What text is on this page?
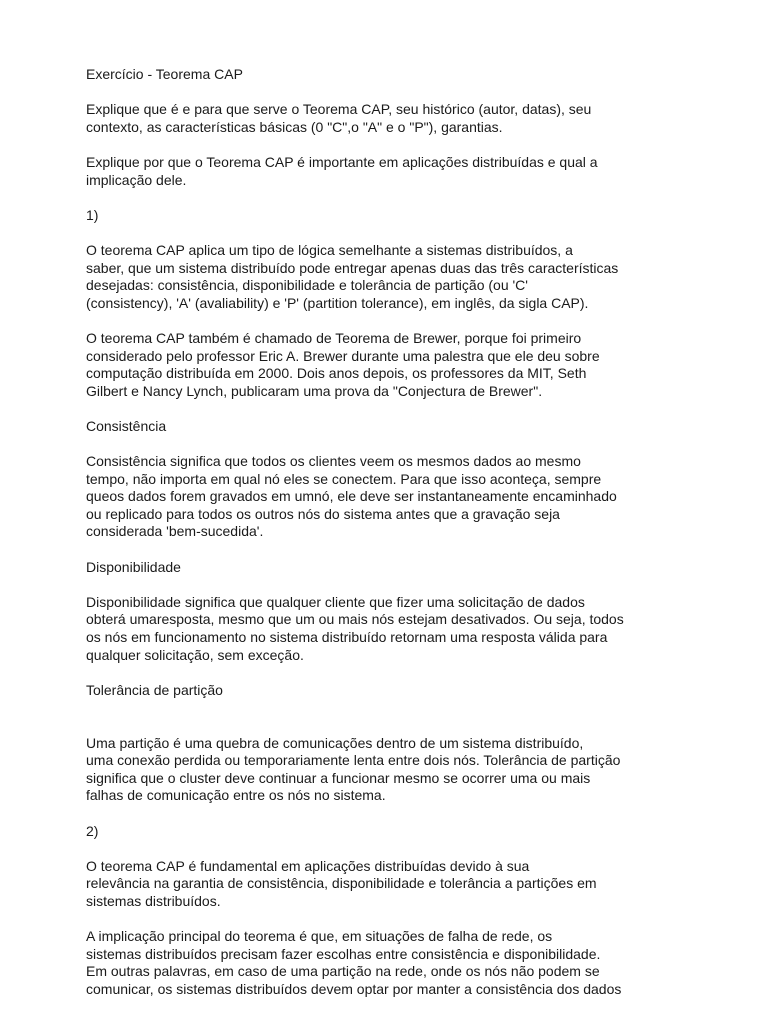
Exercício - Teorema CAP
Explique que é e para que serve o Teorema CAP, seu histórico (autor, datas), seu
contexto, as características básicas (0 "C",o "A" e o "P"), garantias.
Explique por que o Teorema CAP é importante em aplicações distribuídas e qual a
implicação dele.
1)
O teorema CAP aplica um tipo de lógica semelhante a sistemas distribuídos, a
saber, que um sistema distribuído pode entregar apenas duas das três características
desejadas: consistência, disponibilidade e tolerância de partição (ou 'C'
(consistency), 'A' (avaliability) e 'P' (partition tolerance), em inglês, da sigla CAP).
O teorema CAP também é chamado de Teorema de Brewer, porque foi primeiro
considerado pelo professor Eric A. Brewer durante uma palestra que ele deu sobre
computação distribuída em 2000. Dois anos depois, os professores da MIT, Seth
Gilbert e Nancy Lynch, publicaram uma prova da "Conjectura de Brewer".
Consistência
Consistência significa que todos os clientes veem os mesmos dados ao mesmo
tempo, não importa em qual nó eles se conectem. Para que isso aconteça, sempre
queos dados forem gravados em umnó, ele deve ser instantaneamente encaminhado
ou replicado para todos os outros nós do sistema antes que a gravação seja
considerada 'bem-sucedida'.
Disponibilidade
Disponibilidade significa que qualquer cliente que fizer uma solicitação de dados
obterá umaresposta, mesmo que um ou mais nós estejam desativados. Ou seja, todos
os nós em funcionamento no sistema distribuído retornam uma resposta válida para
qualquer solicitação, sem exceção.
Tolerância de partição
Uma partição é uma quebra de comunicações dentro de um sistema distribuído,
uma conexão perdida ou temporariamente lenta entre dois nós. Tolerância de partição
significa que o cluster deve continuar a funcionar mesmo se ocorrer uma ou mais
falhas de comunicação entre os nós no sistema.
2)
O teorema CAP é fundamental em aplicações distribuídas devido à sua
relevância na garantia de consistência, disponibilidade e tolerância a partições em
sistemas distribuídos.
A implicação principal do teorema é que, em situações de falha de rede, os
sistemas distribuídos precisam fazer escolhas entre consistência e disponibilidade.
Em outras palavras, em caso de uma partição na rede, onde os nós não podem se
comunicar, os sistemas distribuídos devem optar por manter a consistência dos dados
